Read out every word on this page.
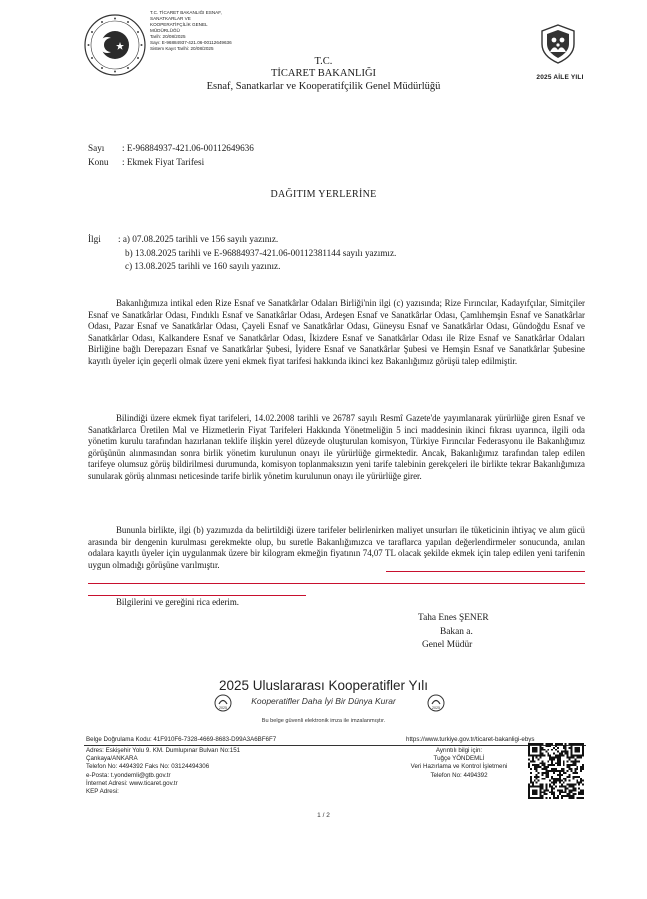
T.C. TİCARET BAKANLIĞI ESNAF,
SANATKARLAR VE
KOOPERATİFÇİLİK GENEL
MÜDÜRLÜĞÜ
Tarih: 20/08/2025
Sayı: E-96884937-421.06-00112649636
Sistem Kayıt Tarihi: 20/08/2025
2025 AİLE YILI
T.C.
TİCARET BAKANLIĞI
Esnaf, Sanatkarlar ve Kooperatifçilik Genel Müdürlüğü
Sayı : E-96884937-421.06-00112649636
Konu : Ekmek Fiyat Tarifesi
DAĞITIM YERLERİNE
İlgi : a) 07.08.2025 tarihli ve 156 sayılı yazınız.
b) 13.08.2025 tarihli ve E-96884937-421.06-00112381144 sayılı yazımız.
c) 13.08.2025 tarihli ve 160 sayılı yazınız.
Bakanlığımıza intikal eden Rize Esnaf ve Sanatkârlar Odaları Birliği'nin ilgi (c) yazısında; Rize Fırıncılar, Kadayıfçılar, Simitçiler Esnaf ve Sanatkârlar Odası, Fındıklı Esnaf ve Sanatkârlar Odası, Ardeşen Esnaf ve Sanatkârlar Odası, Çamlıhemşin Esnaf ve Sanatkârlar Odası, Pazar Esnaf ve Sanatkârlar Odası, Çayeli Esnaf ve Sanatkârlar Odası, Güneysu Esnaf ve Sanatkârlar Odası, Gündoğdu Esnaf ve Sanatkârlar Odası, Kalkandere Esnaf ve Sanatkârlar Odası, İkizdere Esnaf ve Sanatkârlar Odası ile Rize Esnaf ve Sanatkârlar Odaları Birliğine bağlı Derepazarı Esnaf ve Sanatkârlar Şubesi, İyidere Esnaf ve Sanatkârlar Şubesi ve Hemşin Esnaf ve Sanatkârlar Şubesine kayıtlı üyeler için geçerli olmak üzere yeni ekmek fiyat tarifesi hakkında ikinci kez Bakanlığımız görüşü talep edilmiştir.
Bilindiği üzere ekmek fiyat tarifeleri, 14.02.2008 tarihli ve 26787 sayılı Resmî Gazete'de yayımlanarak yürürlüğe giren Esnaf ve Sanatkârlarca Üretilen Mal ve Hizmetlerin Fiyat Tarifeleri Hakkında Yönetmeliğin 5 inci maddesinin ikinci fıkrası uyarınca, ilgili oda yönetim kurulu tarafından hazırlanan teklife ilişkin yerel düzeyde oluşturulan komisyon, Türkiye Fırıncılar Federasyonu ile Bakanlığımız görüşünün alınmasından sonra birlik yönetim kurulunun onayı ile yürürlüğe girmektedir. Ancak, Bakanlığımız tarafından talep edilen tarifeye olumsuz görüş bildirilmesi durumunda, komisyon toplanmaksızın yeni tarife talebinin gerekçeleri ile birlikte tekrar Bakanlığımıza sunularak görüş alınması neticesinde tarife birlik yönetim kurulunun onayı ile yürürlüğe girer.
Bununla birlikte, ilgi (b) yazımızda da belirtildiği üzere tarifeler belirlenirken maliyet unsurları ile tüketicinin ihtiyaç ve alım gücü arasında bir dengenin kurulması gerekmekte olup, bu suretle Bakanlığımızca ve taraflarca yapılan değerlendirmeler sonucunda, anılan odalara kayıtlı üyeler için uygulanmak üzere bir kilogram ekmeğin fiyatının 74,07 TL olacak şekilde ekmek için talep edilen yeni tarifenin uygun olmadığı görüşüne varılmıştır.
Bilgilerini ve gereğini rica ederim.
Taha Enes ŞENER
Bakan a.
Genel Müdür
2025 Uluslararası Kooperatifler Yılı
2025
Kooperatifler Daha İyi Bir Dünya Kurar
2025
Bu belge güvenli elektronik imza ile imzalanmıştır.
Belge Doğrulama Kodu: 41F910F6-7328-4669-8683-D99A3A6BF6F7	https://www.turkiye.gov.tr/ticaret-bakanligi-ebys
Adres: Eskişehir Yolu 9. KM. Dumlupınar Bulvarı No:151
Çankaya/ANKARA
Telefon No: 4494392 Faks No: 03124494306
e-Posta: t.yondemli@gtb.gov.tr
İnternet Adresi: www.ticaret.gov.tr
KEP Adresi:
Ayrıntılı bilgi için:
Tuğçe YÖNDEMLİ
Veri Hazırlama ve Kontrol İşletmeni
Telefon No: 4494392
1 / 2
